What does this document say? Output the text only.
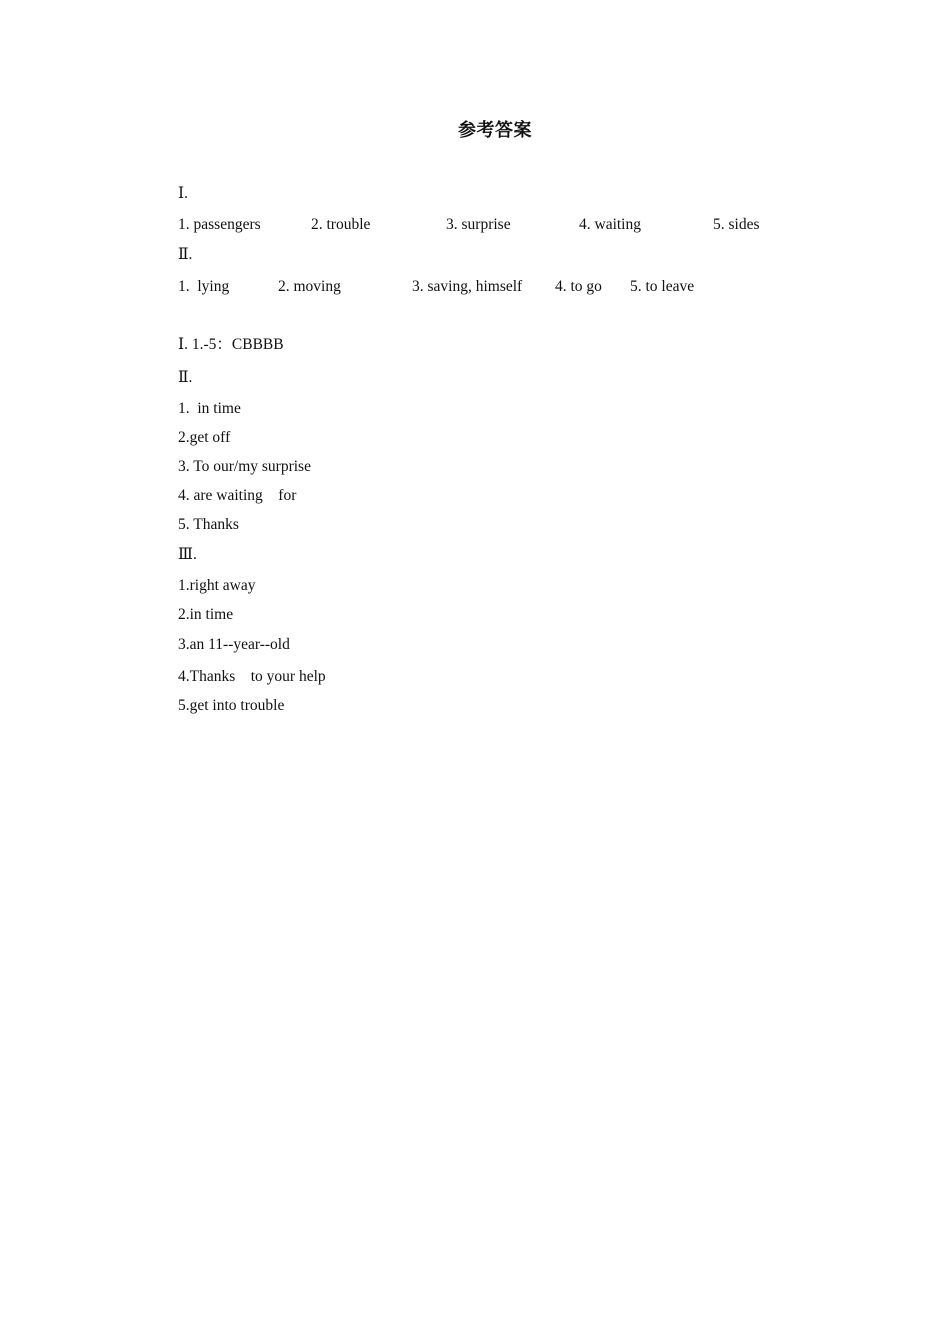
参考答案
Ⅰ.
1. passengers	2. trouble	3. surprise	4. waiting	5. sides
Ⅱ.
1.  lying	2. moving	3. saving, himself 4. to go 5. to leave
Ⅰ. 1.-5：CBBBB
Ⅱ.
1.  in time
2.get off
3. To our/my surprise
4. are waiting    for
5. Thanks
Ⅲ.
1.right away
2.in time
3.an 11--year--old
4.Thanks    to your help
5.get into trouble
